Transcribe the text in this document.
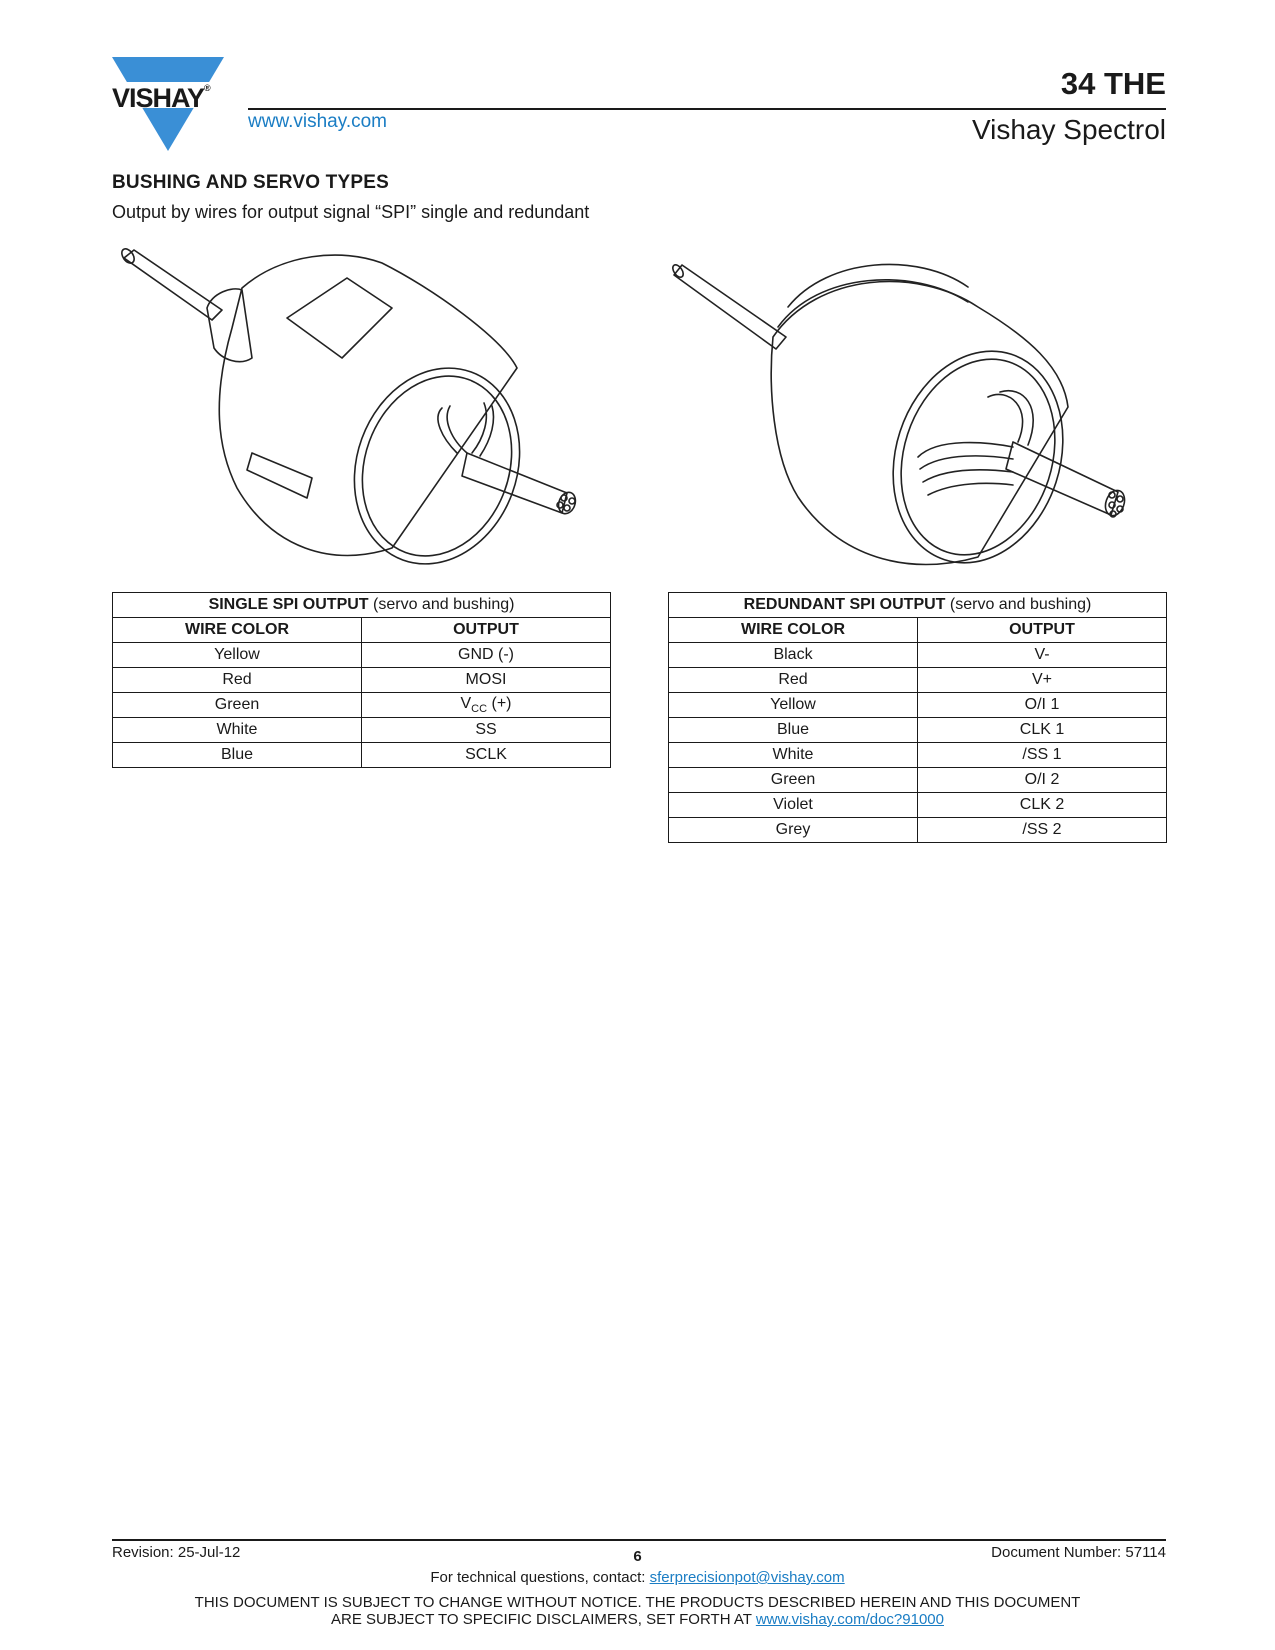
VISHAY®
www.vishay.com
34 THE
Vishay Spectrol
BUSHING AND SERVO TYPES
Output by wires for output signal “SPI” single and redundant
SINGLE SPI OUTPUT (servo and bushing)	
WIRE COLOR	OUTPUT
Yellow	GND (-)
Red	MOSI
Green	$V_{CC}$ (+)
White	SS
Blue	SCLK
REDUNDANT SPI OUTPUT (servo and bushing)	
WIRE COLOR	OUTPUT
Black	V-
Red	V+
Yellow	O/I 1
Blue	CLK 1
White	/SS 1
Green	O/I 2
Violet	CLK 2
Grey	/SS 2
Revision: 25-Jul-12	6	Document Number: 57114
For technical questions, contact: sferprecisionpot@vishay.com
THIS DOCUMENT IS SUBJECT TO CHANGE WITHOUT NOTICE. THE PRODUCTS DESCRIBED HEREIN AND THIS DOCUMENT
ARE SUBJECT TO SPECIFIC DISCLAIMERS, SET FORTH AT www.vishay.com/doc?91000
